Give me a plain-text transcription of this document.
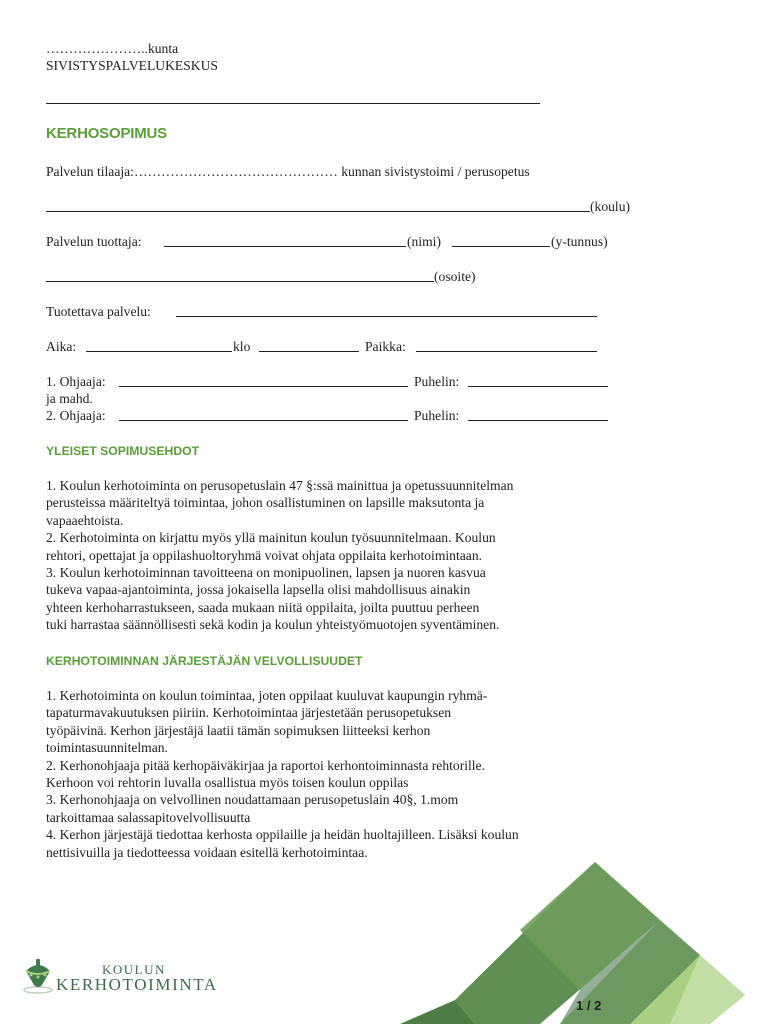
…………………..kunta
SIVISTYSPALVELUKESKUS
KERHOSOPIMUS
Palvelun tilaaja:……………………………………… kunnan sivistystoimi / perusopetus
(koulu)
Palvelun tuottaja:	(nimi)	(y-tunnus)
(osoite)
Tuotettava palvelu:
Aika:	klo	Paikka:
1. Ohjaaja:	Puhelin:
ja mahd.
2. Ohjaaja:	Puhelin:
YLEISET SOPIMUSEHDOT
1. Koulun kerhotoiminta on perusopetuslain 47 §:ssä mainittua ja opetussuunnitelman
perusteissa määriteltyä toimintaa, johon osallistuminen on lapsille maksutonta ja
vapaaehtoista.
2. Kerhotoiminta on kirjattu myös yllä mainitun koulun työsuunnitelmaan. Koulun
rehtori, opettajat ja oppilashuoltoryhmä voivat ohjata oppilaita kerhotoimintaan.
3. Koulun kerhotoiminnan tavoitteena on monipuolinen, lapsen ja nuoren kasvua
tukeva vapaa-ajantoiminta, jossa jokaisella lapsella olisi mahdollisuus ainakin
yhteen kerhoharrastukseen, saada mukaan niitä oppilaita, joilta puuttuu perheen
tuki harrastaa säännöllisesti sekä kodin ja koulun yhteistyömuotojen syventäminen.
KERHOTOIMINNAN JÄRJESTÄJÄN VELVOLLISUUDET
1. Kerhotoiminta on koulun toimintaa, joten oppilaat kuuluvat kaupungin ryhmä-
tapaturmavakuutuksen piiriin. Kerhotoimintaa järjestetään perusopetuksen
työpäivinä. Kerhon järjestäjä laatii tämän sopimuksen liitteeksi kerhon
toimintasuunnitelman.
2. Kerhonohjaaja pitää kerhopäiväkirjaa ja raportoi kerhontoiminnasta rehtorille.
Kerhoon voi rehtorin luvalla osallistua myös toisen koulun oppilas
3. Kerhonohjaaja on velvollinen noudattamaan perusopetuslain 40§, 1.mom
tarkoittamaa salassapitovelvollisuutta
4. Kerhon järjestäjä tiedottaa kerhosta oppilaille ja heidän huoltajilleen. Lisäksi koulun
nettisivuilla ja tiedotteessa voidaan esitellä kerhotoimintaa.
KOULUN
KERHOTOIMINTA
1 / 2
